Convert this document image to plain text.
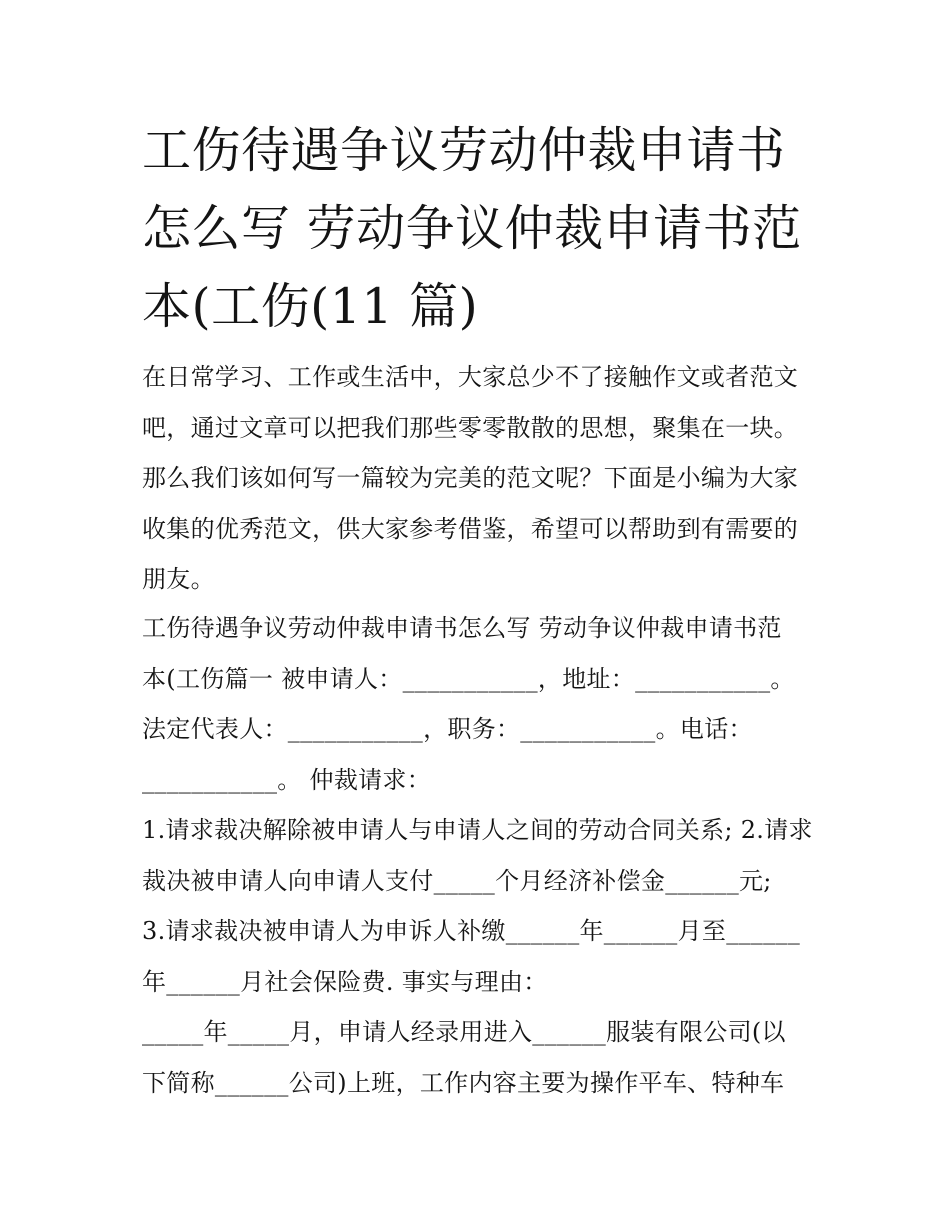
工伤待遇争议劳动仲裁申请书
怎么写 劳动争议仲裁申请书范
本(工伤(11 篇)

在日常学习、工作或生活中，大家总少不了接触作文或者范文
吧，通过文章可以把我们那些零零散散的思想，聚集在一块。
那么我们该如何写一篇较为完美的范文呢？下面是小编为大家
收集的优秀范文，供大家参考借鉴，希望可以帮助到有需要的
朋友。

工伤待遇争议劳动仲裁申请书怎么写 劳动争议仲裁申请书范
本(工伤篇一 被申请人：___________，地址：___________。
法定代表人：___________，职务：___________。电话：
___________。 仲裁请求：
1.请求裁决解除被申请人与申请人之间的劳动合同关系; 2.请求
裁决被申请人向申请人支付_____个月经济补偿金______元;
3.请求裁决被申请人为申诉人补缴______年______月至______
年______月社会保险费. 事实与理由：
_____年_____月，申请人经录用进入______服装有限公司(以
下简称______公司)上班，工作内容主要为操作平车、特种车
